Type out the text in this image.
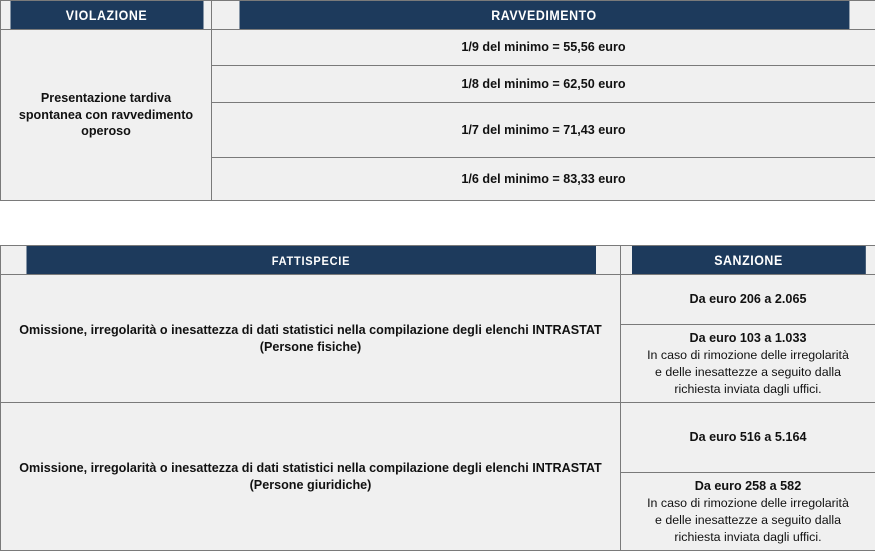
VIOLAZIONE	RAVVEDIMENTO

Presentazione tardiva spontanea con ravvedimento operoso	1/9 del minimo = 55,56 euro
	1/8 del minimo = 62,50 euro
	1/7 del minimo = 71,43 euro
	1/6 del minimo = 83,33 euro
fattispecie	SANZIONE

Omissione, irregolarità o inesattezza di dati statistici nella compilazione degli elenchi INTRASTAT (Persone fisiche)	Da euro 206 a 2.065

	Da euro 103 a 1.033
In caso di rimozione delle irregolarità
e delle inesattezze a seguito dalla
richiesta inviata dagli uffici.

Omissione, irregolarità o inesattezza di dati statistici nella compilazione degli elenchi INTRASTAT (Persone giuridiche)	Da euro 516 a 5.164

	Da euro 258 a 582
In caso di rimozione delle irregolarità
e delle inesattezze a seguito dalla
richiesta inviata dagli uffici.
